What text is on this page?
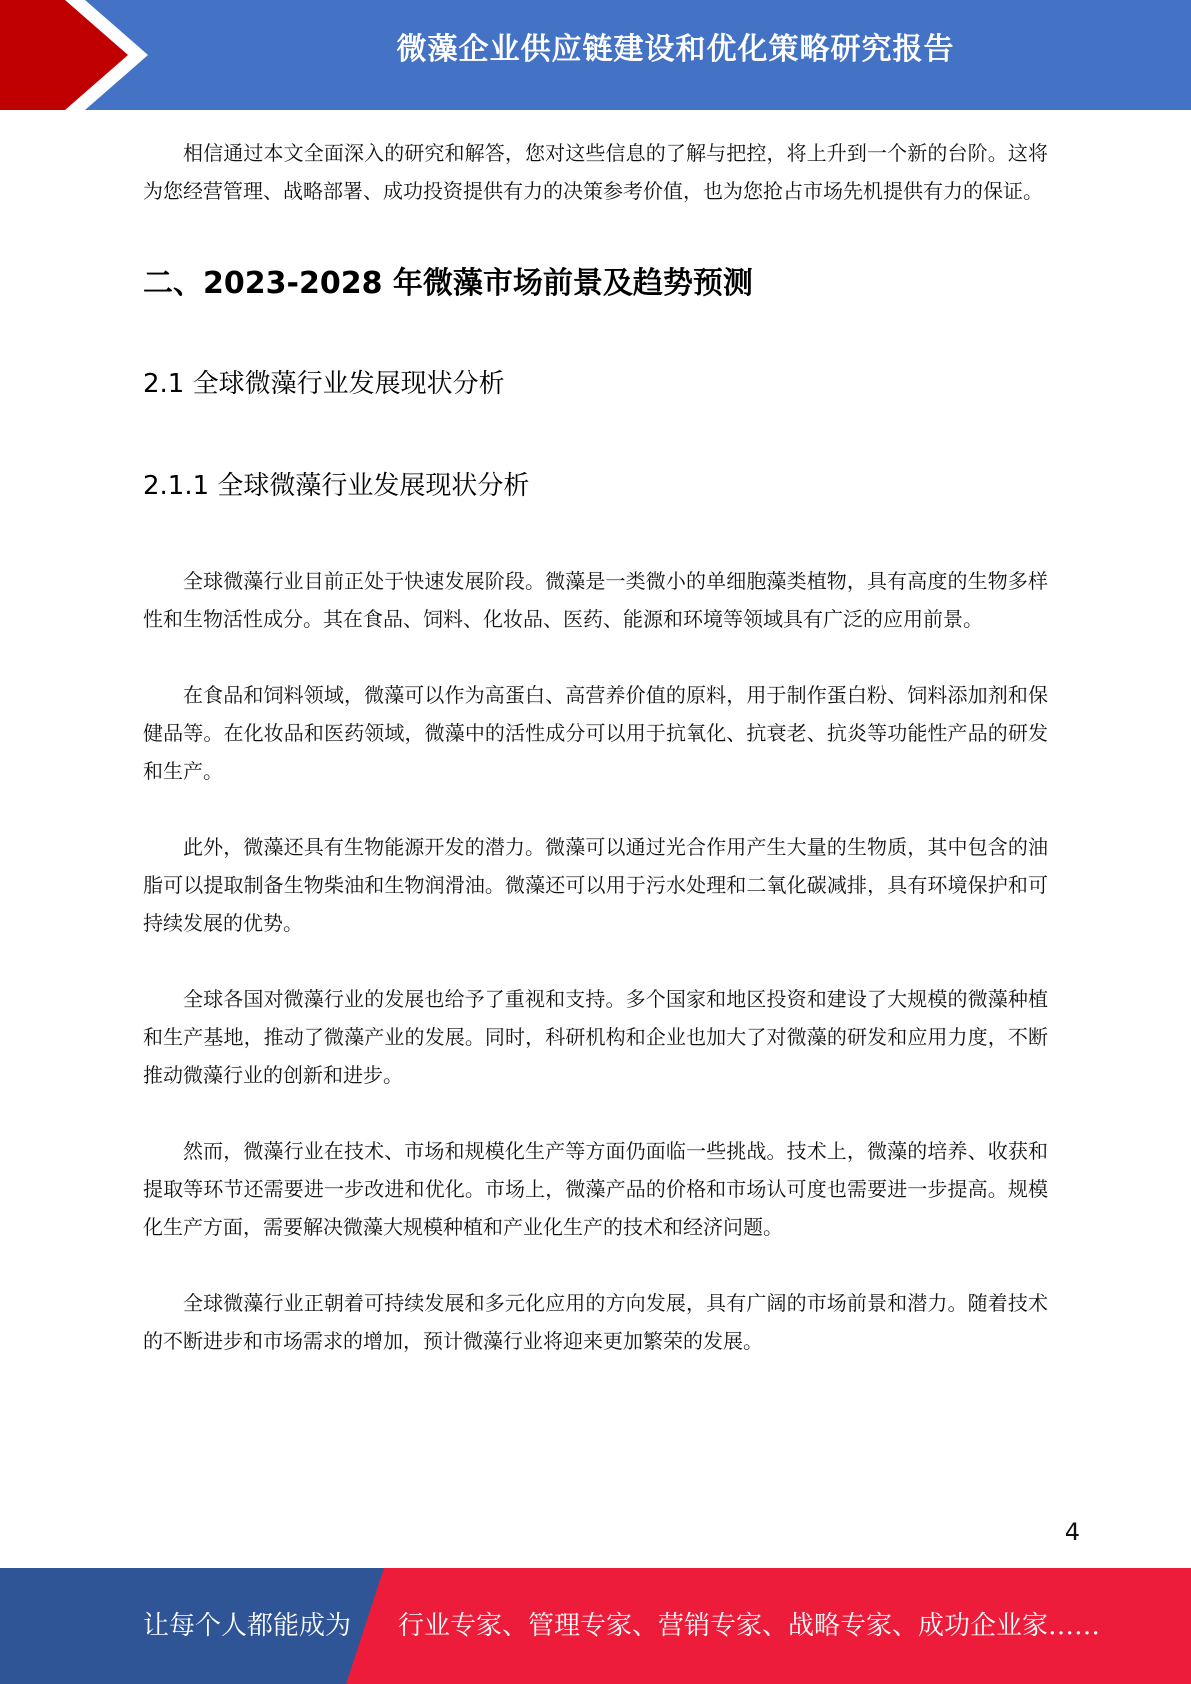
微藻企业供应链建设和优化策略研究报告

相信通过本文全面深入的研究和解答，您对这些信息的了解与把控，将上升到一个新的台阶。这将为您经营管理、战略部署、成功投资提供有力的决策参考价值，也为您抢占市场先机提供有力的保证。

二、2023-2028 年微藻市场前景及趋势预测
2.1 全球微藻行业发展现状分析
2.1.1 全球微藻行业发展现状分析

全球微藻行业目前正处于快速发展阶段。微藻是一类微小的单细胞藻类植物，具有高度的生物多样性和生物活性成分。其在食品、饲料、化妆品、医药、能源和环境等领域具有广泛的应用前景。

在食品和饲料领域，微藻可以作为高蛋白、高营养价值的原料，用于制作蛋白粉、饲料添加剂和保健品等。在化妆品和医药领域，微藻中的活性成分可以用于抗氧化、抗衰老、抗炎等功能性产品的研发和生产。

此外，微藻还具有生物能源开发的潜力。微藻可以通过光合作用产生大量的生物质，其中包含的油脂可以提取制备生物柴油和生物润滑油。微藻还可以用于污水处理和二氧化碳减排，具有环境保护和可持续发展的优势。

全球各国对微藻行业的发展也给予了重视和支持。多个国家和地区投资和建设了大规模的微藻种植和生产基地，推动了微藻产业的发展。同时，科研机构和企业也加大了对微藻的研发和应用力度，不断推动微藻行业的创新和进步。

然而，微藻行业在技术、市场和规模化生产等方面仍面临一些挑战。技术上，微藻的培养、收获和提取等环节还需要进一步改进和优化。市场上，微藻产品的价格和市场认可度也需要进一步提高。规模化生产方面，需要解决微藻大规模种植和产业化生产的技术和经济问题。

全球微藻行业正朝着可持续发展和多元化应用的方向发展，具有广阔的市场前景和潜力。随着技术的不断进步和市场需求的增加，预计微藻行业将迎来更加繁荣的发展。

4
让每个人都能成为 行业专家、管理专家、营销专家、战略专家、成功企业家……
